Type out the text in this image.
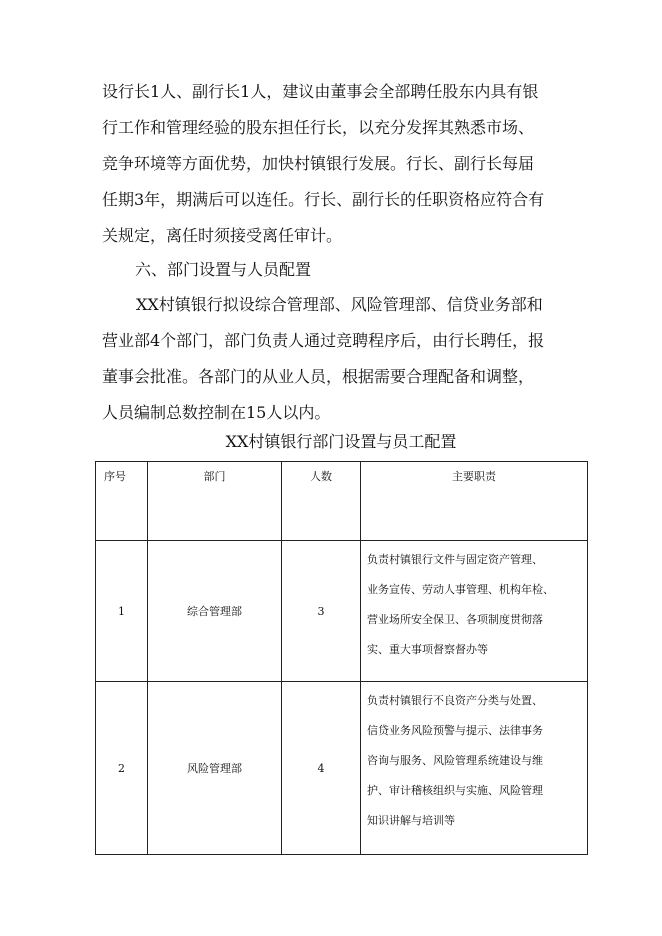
设行长1人、副行长1人，建议由董事会全部聘任股东内具有银
行工作和管理经验的股东担任行长，以充分发挥其熟悉市场、
竞争环境等方面优势，加快村镇银行发展。行长、副行长每届
任期3年，期满后可以连任。行长、副行长的任职资格应符合有
关规定，离任时须接受离任审计。
六、部门设置与人员配置
XX村镇银行拟设综合管理部、风险管理部、信贷业务部和
营业部4个部门，部门负责人通过竞聘程序后，由行长聘任，报
董事会批准。各部门的从业人员，根据需要合理配备和调整，
人员编制总数控制在15人以内。
XX村镇银行部门设置与员工配置
序号	部门	人数	主要职责
1	综合管理部	3	负责村镇银行文件与固定资产管理、
业务宣传、劳动人事管理、机构年检、
营业场所安全保卫、各项制度贯彻落
实、重大事项督察督办等

2	风险管理部	4	负责村镇银行不良资产分类与处置、
信贷业务风险预警与提示、法律事务
咨询与服务、风险管理系统建设与维
护、审计稽核组织与实施、风险管理
知识讲解与培训等
